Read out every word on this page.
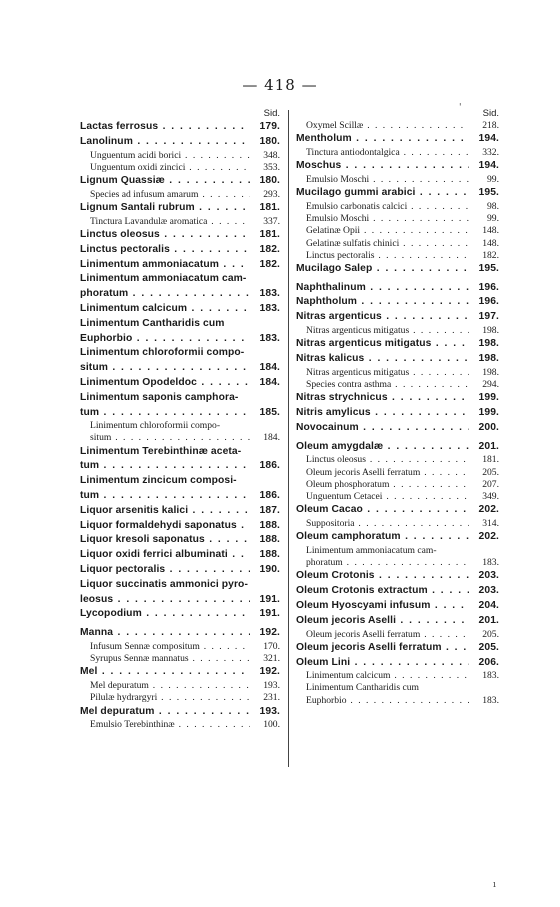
— 418 —
Sid.
Lactas ferrosus . . .	179.
Lanolinum . . .	180.
Unguentum acidi borici . . .	348.
Unguentum oxidi zincici . . .	353.
Lignum Quassiæ . . .	180.
Species ad infusum amarum . . .	293.
Lignum Santali rubrum . . .	181.
Tinctura Lavandulæ aromatica . . .	337.
Linctus oleosus . . .	181.
Linctus pectoralis . . .	182.
Linimentum ammoniacatum . . .	182.
Linimentum ammoniacatum cam-
phoratum . . .	183.
Linimentum calcicum . . .	183.
Linimentum Cantharidis cum
Euphorbio . . .	183.
Linimentum chloroformii compo-
situm . . .	184.
Linimentum Opodeldoc . . .	184.
Linimentum saponis camphora-
tum . . .	185.
Linimentum chloroformii compo-
situm . . .	184.
Linimentum Terebinthinæ aceta-
tum . . .	186.
Linimentum zincicum composi-
tum . . .	186.
Liquor arsenitis kalici . . .	187.
Liquor formaldehydi saponatus . . .	188.
Liquor kresoli saponatus . . .	188.
Liquor oxidi ferrici albuminati . . .	188.
Liquor pectoralis . . .	190.
Liquor succinatis ammonici pyro-
leosus . . .	191.
Lycopodium . . .	191.
Manna . . .	192.
Infusum Sennæ compositum . . .	170.
Syrupus Sennæ mannatus . . .	321.
Mel . . .	192.
Mel depuratum . . .	193.
Pilulæ hydrargyri . . .	231.
Mel depuratum . . .	193.
Emulsio Terebinthinæ . . .	100.
Sid.
Oxymel Scillæ . . .	218.
Mentholum . . .	194.
Tinctura antiodontalgica . . .	332.
Moschus . . .	194.
Emulsio Moschi . . .	99.
Mucilago gummi arabici . . .	195.
Emulsio carbonatis calcici . . .	98.
Emulsio Moschi . . .	99.
Gelatinæ Opii . . .	148.
Gelatinæ sulfatis chinici . . .	148.
Linctus pectoralis . . .	182.
Mucilago Salep . . .	195.
Naphthalinum . . .	196.
Naphtholum . . .	196.
Nitras argenticus . . .	197.
Nitras argenticus mitigatus . . .	198.
Nitras argenticus mitigatus . . .	198.
Nitras kalicus . . .	198.
Nitras argenticus mitigatus . . .	198.
Species contra asthma . . .	294.
Nitras strychnicus . . .	199.
Nitris amylicus . . .	199.
Novocainum . . .	200.
Oleum amygdalæ . . .	201.
Linctus oleosus . . .	181.
Oleum jecoris Aselli ferratum . . .	205.
Oleum phosphoratum . . .	207.
Unguentum Cetacei . . .	349.
Oleum Cacao . . .	202.
Suppositoria . . .	314.
Oleum camphoratum . . .	202.
Linimentum ammoniacatum cam-
phoratum . . .	183.
Oleum Crotonis . . .	203.
Oleum Crotonis extractum . . .	203.
Oleum Hyoscyami infusum . . .	204.
Oleum jecoris Aselli . . .	201.
Oleum jecoris Aselli ferratum . . .	205.
Oleum jecoris Aselli ferratum . . .	205.
Oleum Lini . . .	206.
Linimentum calcicum . . .	183.
Linimentum Cantharidis cum
Euphorbio . . .	183.
'
ı
